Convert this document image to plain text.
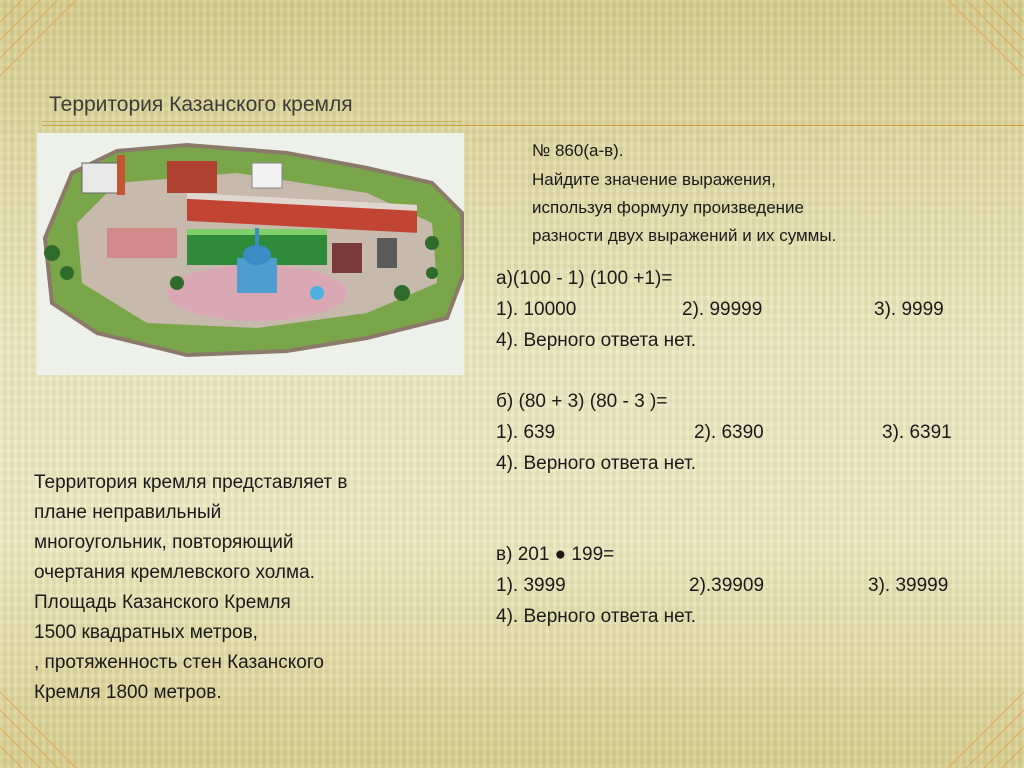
Территория Казанского кремля
№ 860(а-в).
Найдите значение выражения,
используя формулу произведение
разности двух выражений и их суммы.
а)(100 - 1) (100 +1)=
1). 10000	2). 99999	3). 9999
4). Верного ответа нет.
б) (80 + 3) (80 - 3 )=
1). 639	2). 6390	3). 6391
4). Верного ответа нет.
в) 201 ● 199=
1). 3999	2).39909	3). 39999
4). Верного ответа нет.
Территория кремля представляет в
плане неправильный
многоугольник, повторяющий
очертания кремлевского холма.
Площадь Казанского Кремля
1500 квадратных метров,
, протяженность стен Казанского
Кремля 1800 метров.
